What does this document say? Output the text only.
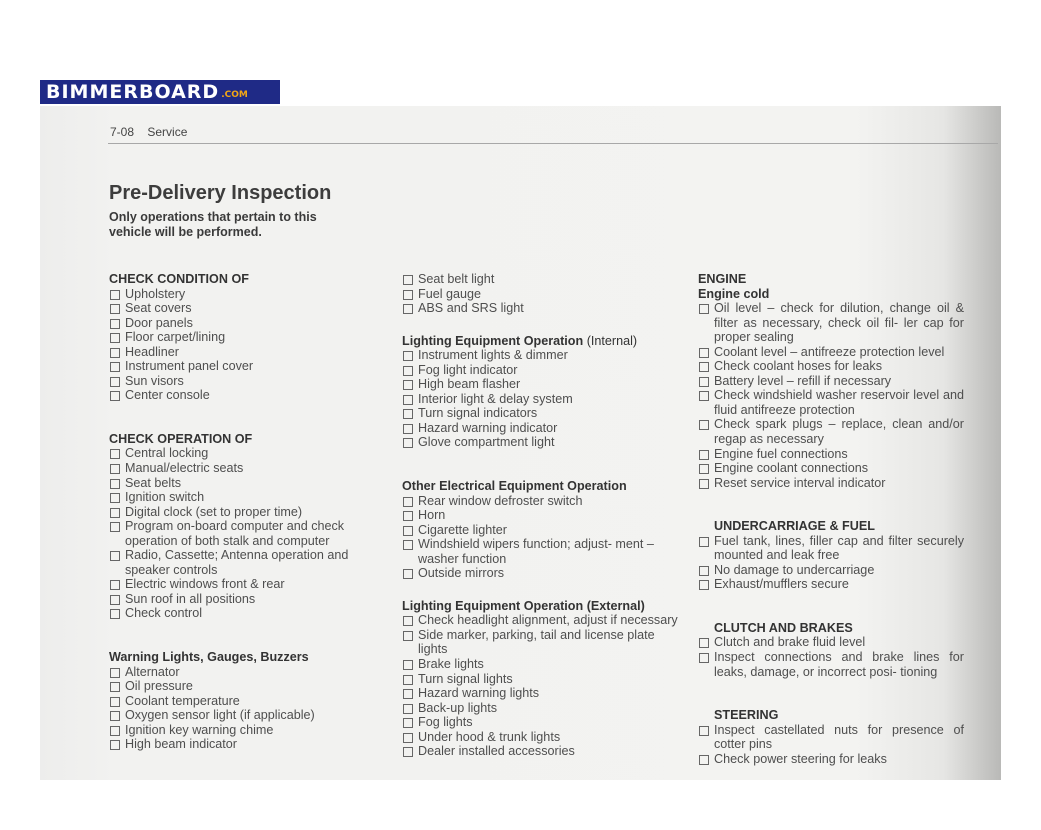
BIMMERBOARD .COM
7-08 Service
Pre-Delivery Inspection

Only operations that pertain to this vehicle will be performed.

CHECK CONDITION OF
Upholstery
Seat covers
Door panels
Floor carpet/lining
Headliner
Instrument panel cover
Sun visors
Center console
CHECK OPERATION OF
Central locking
Manual/electric seats
Seat belts
Ignition switch
Digital clock (set to proper time)
Program on-board computer and check operation of both stalk and computer
Radio, Cassette; Antenna operation and speaker controls
Electric windows front & rear
Sun roof in all positions
Check control
Warning Lights, Gauges, Buzzers
Alternator
Oil pressure
Coolant temperature
Oxygen sensor light (if applicable)
Ignition key warning chime
High beam indicator
Seat belt light
Fuel gauge
ABS and SRS light
Lighting Equipment Operation (Internal)
Instrument lights & dimmer
Fog light indicator
High beam flasher
Interior light & delay system
Turn signal indicators
Hazard warning indicator
Glove compartment light
Other Electrical Equipment Operation
Rear window defroster switch
Horn
Cigarette lighter
Windshield wipers function; adjust- ment – washer function
Outside mirrors
Lighting Equipment Operation (External)
Check headlight alignment, adjust if necessary
Side marker, parking, tail and license plate lights
Brake lights
Turn signal lights
Hazard warning lights
Back-up lights
Fog lights
Under hood & trunk lights
Dealer installed accessories
ENGINE
Engine cold
Oil level – check for dilution, change oil & filter as necessary, check oil fil- ler cap for proper sealing
Coolant level – antifreeze protection level
Check coolant hoses for leaks
Battery level – refill if necessary
Check windshield washer reservoir level and fluid antifreeze protection
Check spark plugs – replace, clean and/or regap as necessary
Engine fuel connections
Engine coolant connections
Reset service interval indicator
UNDERCARRIAGE & FUEL
Fuel tank, lines, filler cap and filter securely mounted and leak free
No damage to undercarriage
Exhaust/mufflers secure
CLUTCH AND BRAKES
Clutch and brake fluid level
Inspect connections and brake lines for leaks, damage, or incorrect posi- tioning
STEERING
Inspect castellated nuts for presence of cotter pins
Check power steering for leaks
